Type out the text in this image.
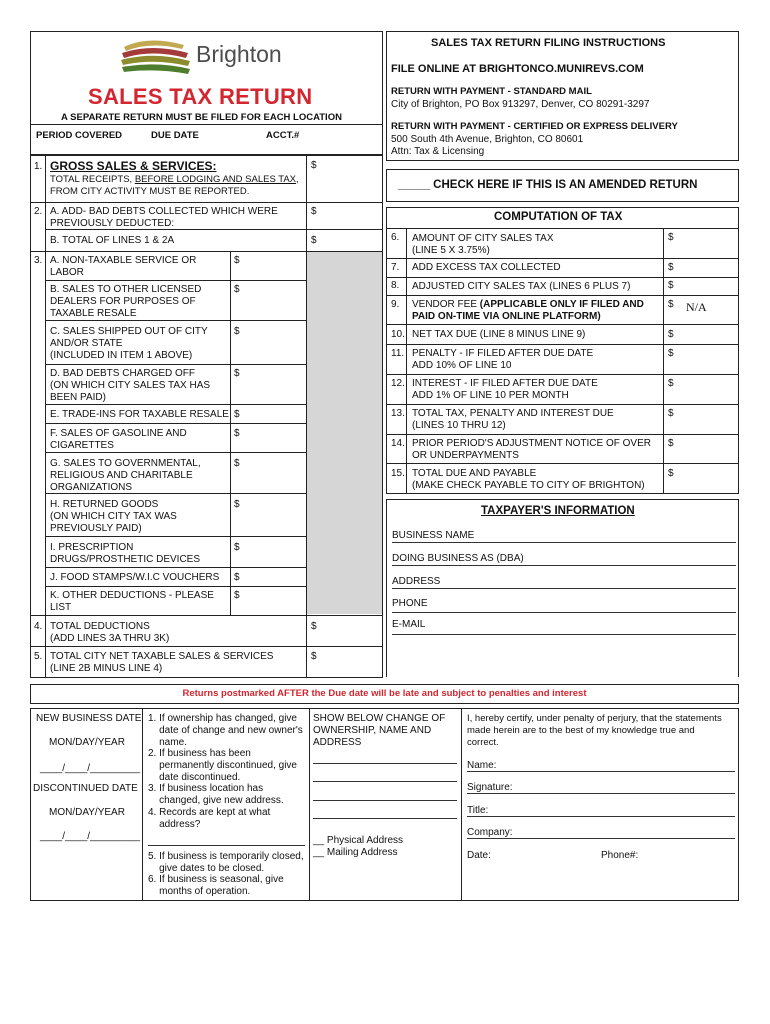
Brighton
SALES TAX RETURN
A SEPARATE RETURN MUST BE FILED FOR EACH LOCATION
PERIOD COVERED	DUE DATE	ACCT.#
SALES TAX RETURN FILING INSTRUCTIONS
FILE ONLINE AT BRIGHTONCO.MUNIREVS.COM
RETURN WITH PAYMENT - STANDARD MAIL
City of Brighton, PO Box 913297, Denver, CO 80291-3297
RETURN WITH PAYMENT - CERTIFIED OR EXPRESS DELIVERY
500 South 4th Avenue, Brighton, CO 80601
Attn: Tax & Licensing
_____ CHECK HERE IF THIS IS AN AMENDED RETURN
1. GROSS SALES & SERVICES:
TOTAL RECEIPTS, BEFORE LODGING AND SALES TAX, FROM CITY ACTIVITY MUST BE REPORTED.
$
2. A. ADD- BAD DEBTS COLLECTED WHICH WERE
PREVIOUSLY DEDUCTED:
$
B. TOTAL OF LINES 1 & 2A	$
3. A. NON-TAXABLE SERVICE OR
LABOR
$
B. SALES TO OTHER LICENSED
DEALERS FOR PURPOSES OF
TAXABLE RESALE
$
C. SALES SHIPPED OUT OF CITY
AND/OR STATE
(INCLUDED IN ITEM 1 ABOVE)
$
D. BAD DEBTS CHARGED OFF
(ON WHICH CITY SALES TAX HAS
BEEN PAID)
$
E. TRADE-INS FOR TAXABLE RESALE $
F. SALES OF GASOLINE AND
CIGARETTES
$
G. SALES TO GOVERNMENTAL,
RELIGIOUS AND CHARITABLE
ORGANIZATIONS
$
H. RETURNED GOODS
(ON WHICH CITY TAX WAS
PREVIOUSLY PAID)
$
I. PRESCRIPTION
DRUGS/PROSTHETIC DEVICES
$
J. FOOD STAMPS/W.I.C VOUCHERS $
K. OTHER DEDUCTIONS - PLEASE
LIST
$
4. TOTAL DEDUCTIONS
(ADD LINES 3A THRU 3K)
$
5. TOTAL CITY NET TAXABLE SALES & SERVICES
(LINE 2B MINUS LINE 4)
$
COMPUTATION OF TAX
6. AMOUNT OF CITY SALES TAX
(LINE 5 X 3.75%)
$
7. ADD EXCESS TAX COLLECTED	$
8. ADJUSTED CITY SALES TAX (LINES 6 PLUS 7)	$
9. VENDOR FEE (APPLICABLE ONLY IF FILED AND PAID ON-TIME VIA ONLINE PLATFORM)
$ N/A
10. NET TAX DUE (LINE 8 MINUS LINE 9)	$
11. PENALTY - IF FILED AFTER DUE DATE
ADD 10% OF LINE 10
$
12. INTEREST - IF FILED AFTER DUE DATE
ADD 1% OF LINE 10 PER MONTH
$
13. TOTAL TAX, PENALTY AND INTEREST DUE
(LINES 10 THRU 12)
$
14. PRIOR PERIOD'S ADJUSTMENT NOTICE OF OVER
OR UNDERPAYMENTS
$
15. TOTAL DUE AND PAYABLE
(MAKE CHECK PAYABLE TO CITY OF BRIGHTON)
$
TAXPAYER'S INFORMATION
BUSINESS NAME
DOING BUSINESS AS (DBA)
ADDRESS
PHONE
E-MAIL
Returns postmarked AFTER the Due date will be late and subject to penalties and interest
NEW BUSINESS DATE
MON/DAY/YEAR
____/____/_________
DISCONTINUED DATE
MON/DAY/YEAR
____/____/_________
1. If ownership has changed, give
date of change and new owner's
name.
2. If business has been
permanently discontinued, give
date discontinued.
3. If business location has
changed, give new address.
4. Records are kept at what
address?
5. If business is temporarily closed,
give dates to be closed.
6. If business is seasonal, give
months of operation.
SHOW BELOW CHANGE OF
OWNERSHIP, NAME AND
ADDRESS
__ Physical Address
__ Mailing Address
I, hereby certify, under penalty of perjury, that the statements
made herein are to the best of my knowledge true and
correct.
Name:
Signature:
Title:
Company:
Date:	Phone#:
